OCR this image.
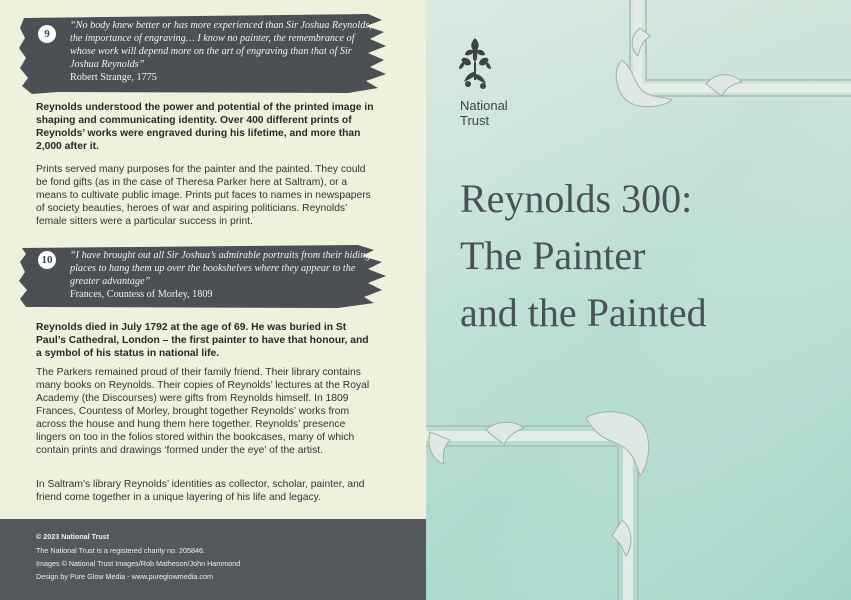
9
“No body knew better or has more experienced than Sir Joshua Reynolds, the importance of engraving… I know no painter, the remembrance of whose work will depend more on the art of engraving than that of Sir Joshua Reynolds”
Robert Strange, 1775
Reynolds understood the power and potential of the printed image in shaping and communicating identity. Over 400 different prints of Reynolds’ works were engraved during his lifetime, and more than 2,000 after it.
Prints served many purposes for the painter and the painted. They could be fond gifts (as in the case of Theresa Parker here at Saltram), or a means to cultivate public image. Prints put faces to names in newspapers of society beauties, heroes of war and aspiring politicians. Reynolds’ female sitters were a particular success in print.
10	“I have brought out all Sir Joshua’s admirable portraits from their hiding places to hang them up over the bookshelves where they appear to the greater advantage”
Frances, Countess of Morley, 1809
Reynolds died in July 1792 at the age of 69. He was buried in St Paul’s Cathedral, London – the first painter to have that honour, and a symbol of his status in national life.
The Parkers remained proud of their family friend. Their library contains many books on Reynolds. Their copies of Reynolds’ lectures at the Royal Academy (the Discourses) were gifts from Reynolds himself. In 1809 Frances, Countess of Morley, brought together Reynolds’ works from across the house and hung them here together. Reynolds’ presence lingers on too in the folios stored within the bookcases, many of which contain prints and drawings ‘formed under the eye’ of the artist.
In Saltram’s library Reynolds’ identities as collector, scholar, painter, and friend come together in a unique layering of his life and legacy.
© 2023 National Trust
The National Trust is a registered charity no. 205846.
Images © National Trust Images/Rob Matheson/John Hammond
Design by Pure Glow Media - www.pureglowmedia.com
National
Trust
Reynolds 300:
The Painter
and the Painted
